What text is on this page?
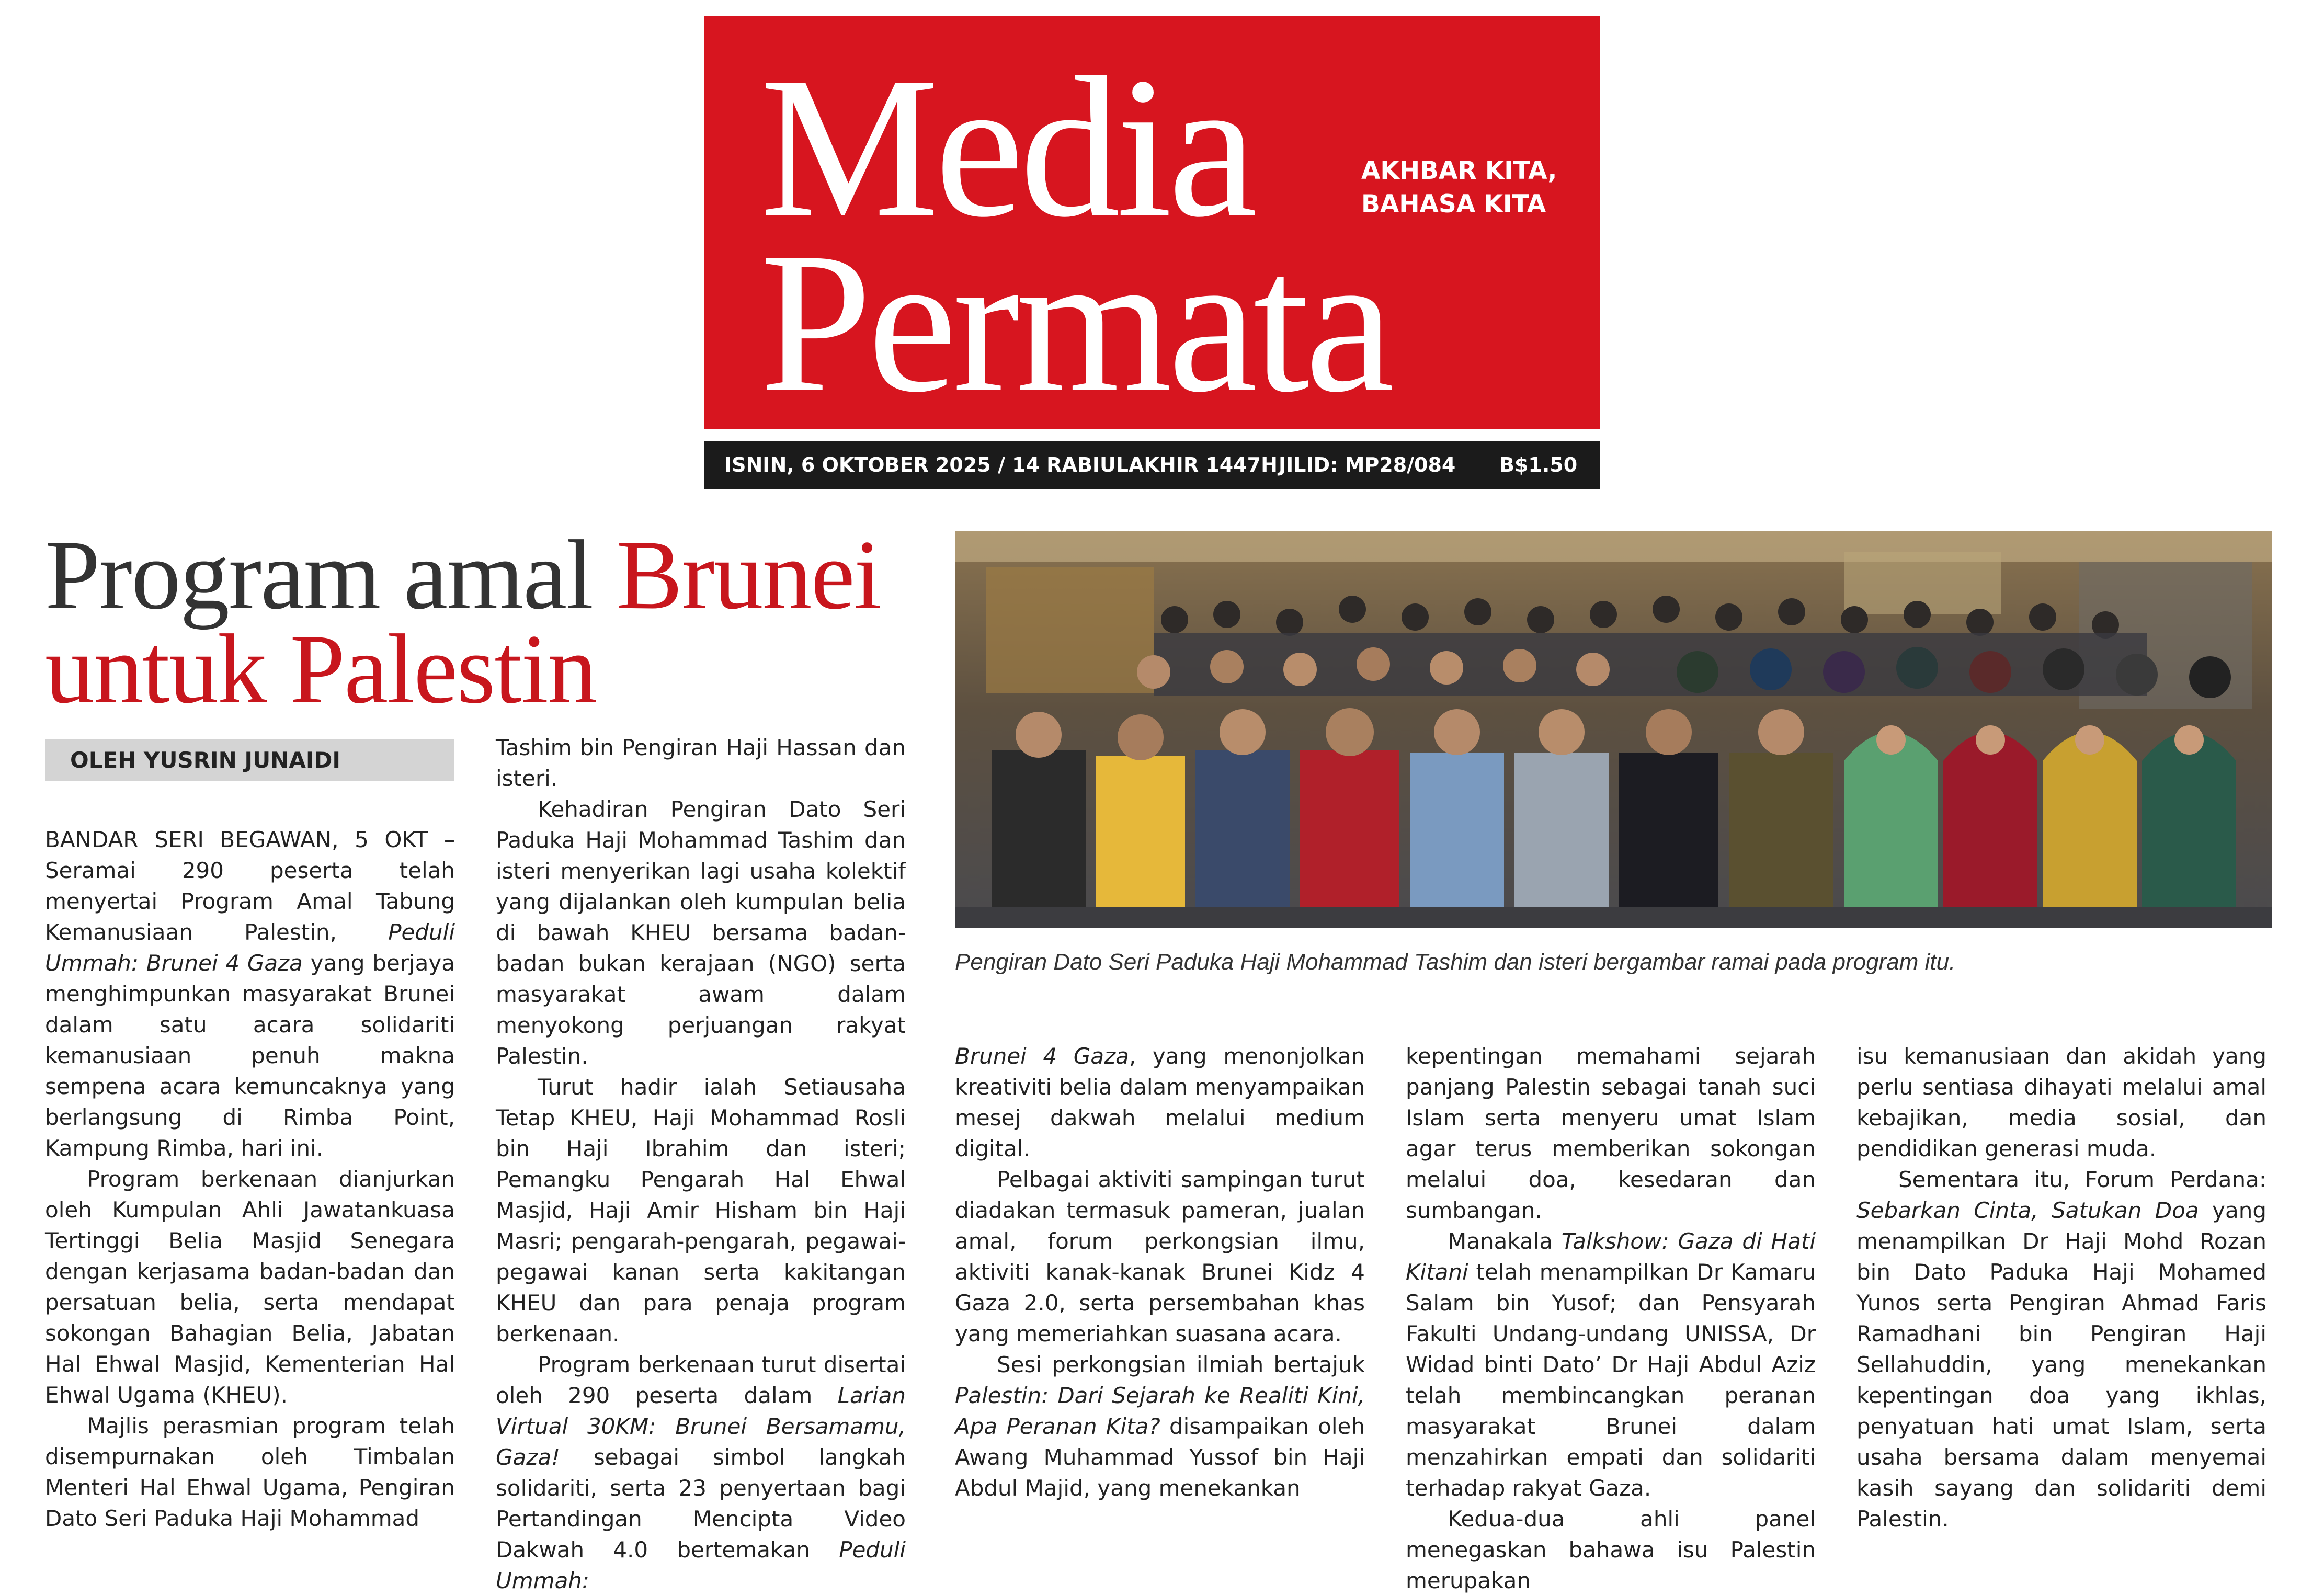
Media
Permata
AKHBAR KITA,
BAHASA KITA
ISNIN, 6 OKTOBER 2025 / 14 RABIULAKHIR 1447H JILID: MP28/084 B$1.50
Program amal Brunei
untuk Palestin
OLEH YUSRIN JUNAIDI
Pengiran Dato Seri Paduka Haji Mohammad Tashim dan isteri bergambar ramai pada program itu.

BANDAR SERI BEGAWAN, 5 OKT – Seramai 290 peserta telah menyertai Program Amal Tabung Kemanusiaan Palestin, Peduli Ummah: Brunei 4 Gaza yang berjaya menghimpunkan masyarakat Brunei dalam satu acara solidariti kemanusiaan penuh makna sempena acara kemuncaknya yang berlangsung di Rimba Point, Kampung Rimba, hari ini.

Program berkenaan dianjurkan oleh Kumpulan Ahli Jawatankuasa Tertinggi Belia Masjid Senegara dengan kerjasama badan-badan dan persatuan belia, serta mendapat sokongan Bahagian Belia, Jabatan Hal Ehwal Masjid, Kementerian Hal Ehwal Ugama (KHEU).

Majlis perasmian program telah disempurnakan oleh Timbalan Menteri Hal Ehwal Ugama, Pengiran Dato Seri Paduka Haji Mohammad

Tashim bin Pengiran Haji Hassan dan isteri.

Kehadiran Pengiran Dato Seri Paduka Haji Mohammad Tashim dan isteri menyerikan lagi usaha kolektif yang dijalankan oleh kumpulan belia di bawah KHEU bersama badan-badan bukan kerajaan (NGO) serta masyarakat awam dalam menyokong perjuangan rakyat Palestin.

Turut hadir ialah Setiausaha Tetap KHEU, Haji Mohammad Rosli bin Haji Ibrahim dan isteri; Pemangku Pengarah Hal Ehwal Masjid, Haji Amir Hisham bin Haji Masri; pengarah-pengarah, pegawai-pegawai kanan serta kakitangan KHEU dan para penaja program berkenaan.

Program berkenaan turut disertai oleh 290 peserta dalam Larian Virtual 30KM: Brunei Bersamamu, Gaza! sebagai simbol langkah solidariti, serta 23 penyertaan bagi Pertandingan Mencipta Video Dakwah 4.0 bertemakan Peduli Ummah:

Brunei 4 Gaza, yang menonjolkan kreativiti belia dalam menyampaikan mesej dakwah melalui medium digital.

Pelbagai aktiviti sampingan turut diadakan termasuk pameran, jualan amal, forum perkongsian ilmu, aktiviti kanak-kanak Brunei Kidz 4 Gaza 2.0, serta persembahan khas yang memeriahkan suasana acara.

Sesi perkongsian ilmiah bertajuk Palestin: Dari Sejarah ke Realiti Kini, Apa Peranan Kita? disampaikan oleh Awang Muhammad Yussof bin Haji Abdul Majid, yang menekankan

kepentingan memahami sejarah panjang Palestin sebagai tanah suci Islam serta menyeru umat Islam agar terus memberikan sokongan melalui doa, kesedaran dan sumbangan.

Manakala Talkshow: Gaza di Hati Kitani telah menampilkan Dr Kamaru Salam bin Yusof; dan Pensyarah Fakulti Undang-undang UNISSA, Dr Widad binti Dato’ Dr Haji Abdul Aziz telah membincangkan peranan masyarakat Brunei dalam menzahirkan empati dan solidariti terhadap rakyat Gaza.

Kedua-dua ahli panel menegaskan bahawa isu Palestin merupakan

isu kemanusiaan dan akidah yang perlu sentiasa dihayati melalui amal kebajikan, media sosial, dan pendidikan generasi muda.

Sementara itu, Forum Perdana: Sebarkan Cinta, Satukan Doa yang menampilkan Dr Haji Mohd Rozan bin Dato Paduka Haji Mohamed Yunos serta Pengiran Ahmad Faris Ramadhani bin Pengiran Haji Sellahuddin, yang menekankan kepentingan doa yang ikhlas, penyatuan hati umat Islam, serta usaha bersama dalam menyemai kasih sayang dan solidariti demi Palestin.
